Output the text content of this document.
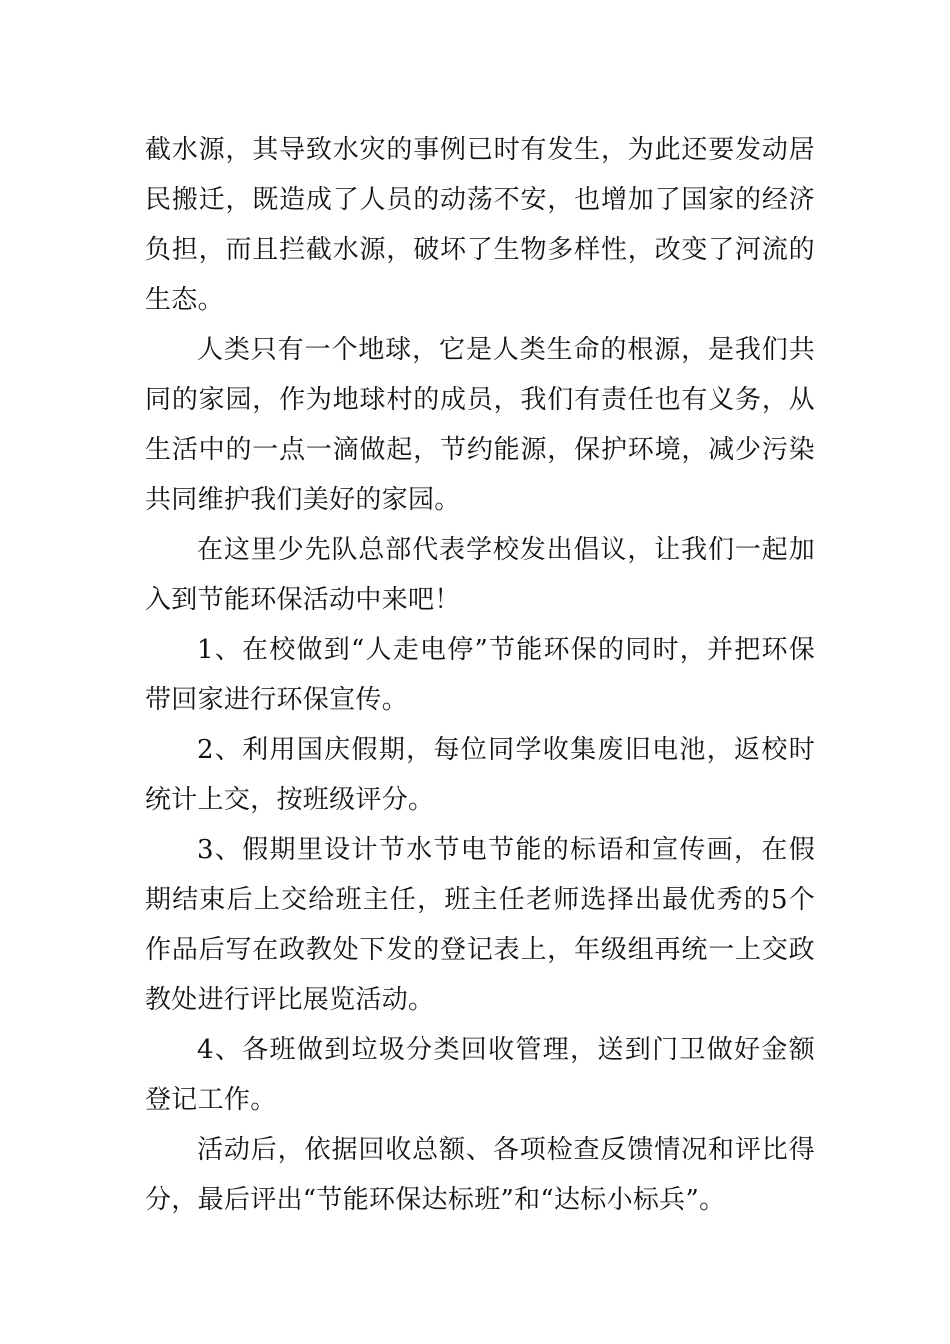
截水源，其导致水灾的事例已时有发生，为此还要发动居民搬迁，既造成了人员的动荡不安，也增加了国家的经济负担，而且拦截水源，破坏了生物多样性，改变了河流的生态。

人类只有一个地球，它是人类生命的根源，是我们共同的家园，作为地球村的成员，我们有责任也有义务，从生活中的一点一滴做起，节约能源，保护环境，减少污染共同维护我们美好的家园。

在这里少先队总部代表学校发出倡议，让我们一起加入到节能环保活动中来吧！

1、在校做到“人走电停”节能环保的同时，并把环保带回家进行环保宣传。

2、利用国庆假期，每位同学收集废旧电池，返校时统计上交，按班级评分。

3、假期里设计节水节电节能的标语和宣传画，在假期结束后上交给班主任，班主任老师选择出最优秀的5个作品后写在政教处下发的登记表上，年级组再统一上交政教处进行评比展览活动。

4、各班做到垃圾分类回收管理，送到门卫做好金额登记工作。

活动后，依据回收总额、各项检查反馈情况和评比得分，最后评出“节能环保达标班”和“达标小标兵”。
